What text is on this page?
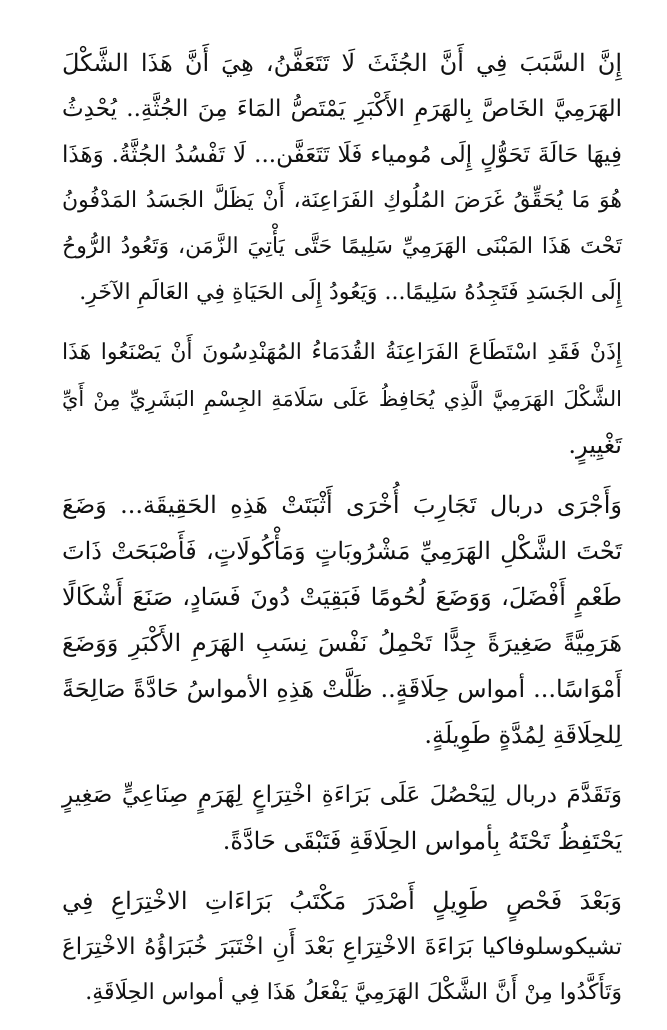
إِنَّ السَّبَبَ فِي أَنَّ الجُثَثَ لَا تَتَعَفَّنُ، هِيَ أَنَّ هَذَا الشَّكْلَ
الهَرَمِيَّ الخَاصَّ بِالهَرَمِ الأَكْبَرِ يَمْتَصُّ المَاءَ مِنَ الجُثَّةِ.. يُحْدِثُ
فِيهَا حَالَةَ تَحَوُّلٍ إِلَى مُومياء فَلَا تَتَعَفَّن... لَا تَفْسُدُ الجُثَّةُ. وَهَذَا
هُوَ مَا يُحَقِّقُ غَرَضَ المُلُوكِ الفَرَاعِنَة، أَنْ يَظَلَّ الجَسَدُ المَدْفُونُ
تَحْتَ هَذَا المَبْنَى الهَرَمِيِّ سَلِيمًا حَتَّى يَأْتِيَ الزَّمَن، وَتَعُودُ الرُّوحُ
إِلَى الجَسَدِ فَتَجِدُهُ سَلِيمًا... وَيَعُودُ إِلَى الحَيَاةِ فِي العَالَمِ الآخَرِ.
إِذَنْ فَقَدِ اسْتَطَاعَ الفَرَاعِنَةُ القُدَمَاءُ المُهَنْدِسُونَ أَنْ يَصْنَعُوا هَذَا
الشَّكْلَ الهَرَمِيَّ الَّذِي يُحَافِظُ عَلَى سَلَامَةِ الجِسْمِ البَشَرِيِّ مِنْ أَيِّ
تَغْيِيرٍ.
وَأَجْرَى دربال تَجَارِبَ أُخْرَى أَثْبَتَتْ هَذِهِ الحَقِيقَة... وَضَعَ
تَحْتَ الشَّكْلِ الهَرَمِيِّ مَشْرُوبَاتٍ وَمَأْكُولَاتٍ، فَأَصْبَحَتْ ذَاتَ
طَعْمٍ أَفْضَلَ، وَوَضَعَ لُحُومًا فَبَقِيَتْ دُونَ فَسَادٍ، صَنَعَ أَشْكَالًا
هَرَمِيَّةً صَغِيرَةً جِدًّا تَحْمِلُ نَفْسَ نِسَبِ الهَرَمِ الأَكْبَرِ وَوَضَعَ
أَمْوَاسًا... أمواس حِلَاقَةٍ.. ظَلَّتْ هَذِهِ الأمواسُ حَادَّةً صَالِحَةً
لِلحِلَاقَةِ لِمُدَّةٍ طَوِيلَةٍ.
وَتَقَدَّمَ دربال لِيَحْصُلَ عَلَى بَرَاءَةِ اخْتِرَاعٍ لِهَرَمٍ صِنَاعِيٍّ صَغِيرٍ
يَحْتَفِظُ تَحْتَهُ بِأمواس الحِلَاقَةِ فَتَبْقَى حَادَّةً.
وَبَعْدَ فَحْصٍ طَوِيلٍ أَصْدَرَ مَكْتَبُ بَرَاءَاتِ الاخْتِرَاعِ فِي
تشيكوسلوفاكيا بَرَاءَةَ الاخْتِرَاعِ بَعْدَ أَنِ اخْتَبَرَ خُبَرَاؤُهُ الاخْتِرَاعَ
وَتَأَكَّدُوا مِنْ أَنَّ الشَّكْلَ الهَرَمِيَّ يَفْعَلُ هَذَا فِي أمواس الحِلَاقَةِ.
